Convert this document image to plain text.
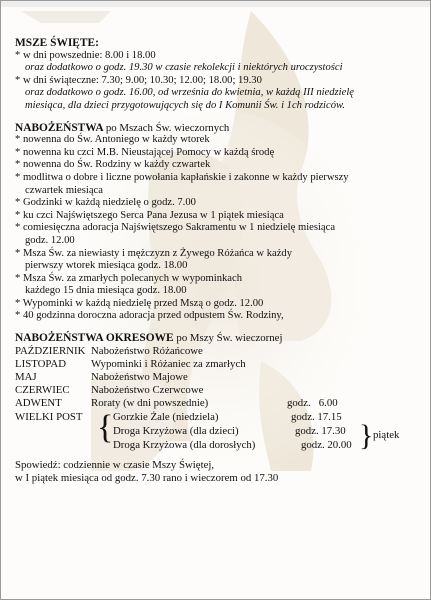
MSZE ŚWIĘTE:
* w dni powszednie: 8.00 i 18.00
oraz dodatkowo o godz. 19.30 w czasie rekolekcji i niektórych uroczystości
* w dni świąteczne: 7.30; 9.00; 10.30; 12.00; 18.00; 19.30
oraz dodatkowo o godz. 16.00, od września do kwietnia, w każdą III niedzielę
miesiąca, dla dzieci przygotowujących się do I Komunii Św. i 1ch rodziców.
NABOŻEŃSTWA po Mszach Św. wieczornych
* nowenna do Św. Antoniego w każdy wtorek
* nowenna ku czci M.B. Nieustającej Pomocy w każdą środę
* nowenna do Św. Rodziny w każdy czwartek
* modlitwa o dobre i liczne powołania kapłańskie i zakonne w każdy pierwszy
czwartek miesiąca
* Godzinki w każdą niedzielę o godz. 7.00
* ku czci Najświętszego Serca Pana Jezusa w 1 piątek miesiąca
* comiesięczna adoracja Najświętszego Sakramentu w 1 niedzielę miesiąca
godz. 12.00
* Msza Św. za niewiasty i mężczyzn z Żywego Różańca w każdy
pierwszy wtorek miesiąca godz. 18.00
* Msza Św. za zmarłych polecanych w wypominkach
każdego 15 dnia miesiąca godz. 18.00
* Wypominki w każdą niedzielę przed Mszą o godz. 12.00
* 40 godzinna doroczna adoracja przed odpustem Św. Rodziny,
NABOŻEŃSTWA OKRESOWE po Mszy Św. wieczornej
PAŹDZIERNIK Nabożeństwo Różańcowe
LISTOPAD Wypominki i Różaniec za zmarłych
MAJ	Nabożeństwo Majowe
CZERWIEC Nabożeństwo Czerwcowe
ADWENT	Roraty (w dni powszednie)	godz.   6.00
WIELKI POST { Gorzkie Żale (niedziela)	godz. 17.15
Droga Krzyżowa (dla dzieci)	godz. 17.30
Droga Krzyżowa (dla dorosłych)	godz. 20.00 } piątek
Spowiedź: codziennie w czasie Mszy Świętej,
w I piątek miesiąca od godz. 7.30 rano i wieczorem od 17.30
